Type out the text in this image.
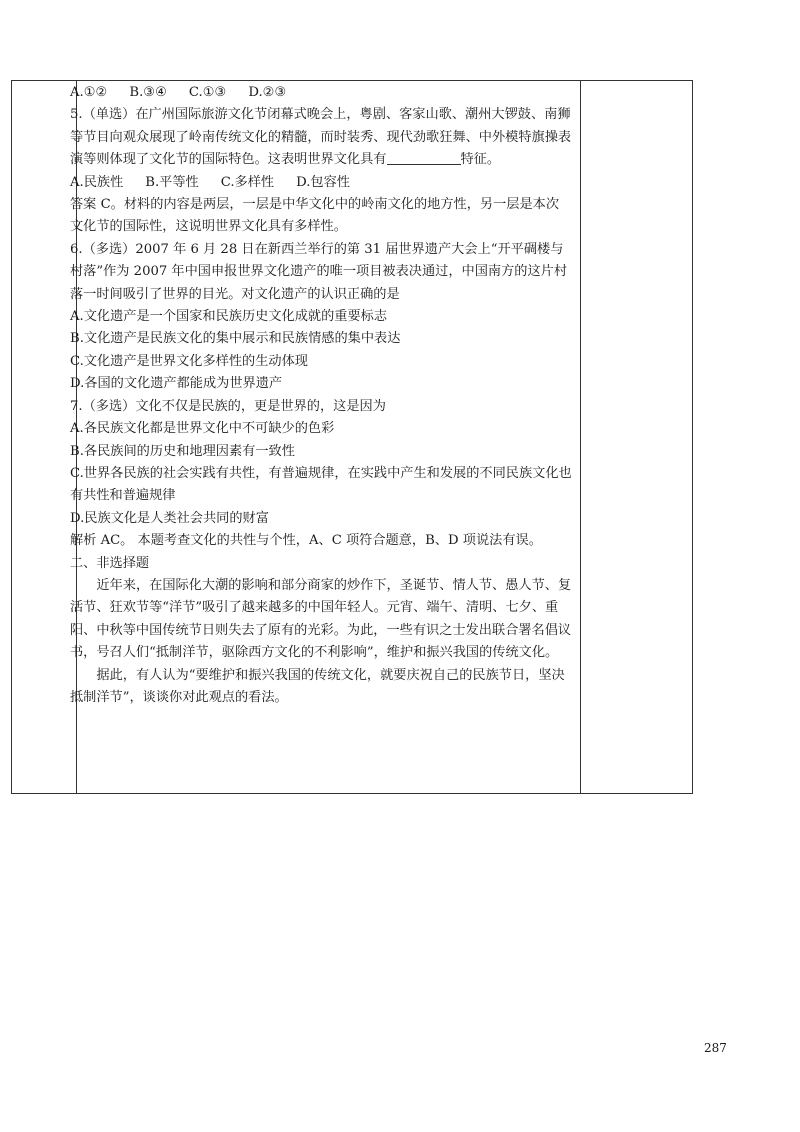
A.①② B.③④ C.①③ D.②③

5.（单选）在广州国际旅游文化节闭幕式晚会上，粤剧、客家山歌、潮州大锣鼓、南狮等节目向观众展现了岭南传统文化的精髓，而时装秀、现代劲歌狂舞、中外模特旗操表演等则体现了文化节的国际特色。这表明世界文化具有	特征。

A.民族性 B.平等性 C.多样性 D.包容性

答案 C。材料的内容是两层，一层是中华文化中的岭南文化的地方性，另一层是本次文化节的国际性，这说明世界文化具有多样性。

6.（多选）2007 年 6 月 28 日在新西兰举行的第 31 届世界遗产大会上“开平碉楼与村落”作为 2007 年中国申报世界文化遗产的唯一项目被表决通过，中国南方的这片村落一时间吸引了世界的目光。对文化遗产的认识正确的是

A.文化遗产是一个国家和民族历史文化成就的重要标志

B.文化遗产是民族文化的集中展示和民族情感的集中表达

C.文化遗产是世界文化多样性的生动体现

D.各国的文化遗产都能成为世界遗产

7.（多选）文化不仅是民族的，更是世界的，这是因为

A.各民族文化都是世界文化中不可缺少的色彩

B.各民族间的历史和地理因素有一致性

C.世界各民族的社会实践有共性，有普遍规律，在实践中产生和发展的不同民族文化也有共性和普遍规律

D.民族文化是人类社会共同的财富

解析 AC。 本题考查文化的共性与个性，A、C 项符合题意，B、D 项说法有误。

二、非选择题

近年来，在国际化大潮的影响和部分商家的炒作下，圣诞节、情人节、愚人节、复活节、狂欢节等“洋节”吸引了越来越多的中国年轻人。元宵、端午、清明、七夕、重阳、中秋等中国传统节日则失去了原有的光彩。为此，一些有识之士发出联合署名倡议书，号召人们“抵制洋节，驱除西方文化的不利影响”，维护和振兴我国的传统文化。

据此，有人认为“要维护和振兴我国的传统文化，就要庆祝自己的民族节日，坚决抵制洋节”，谈谈你对此观点的看法。

287
